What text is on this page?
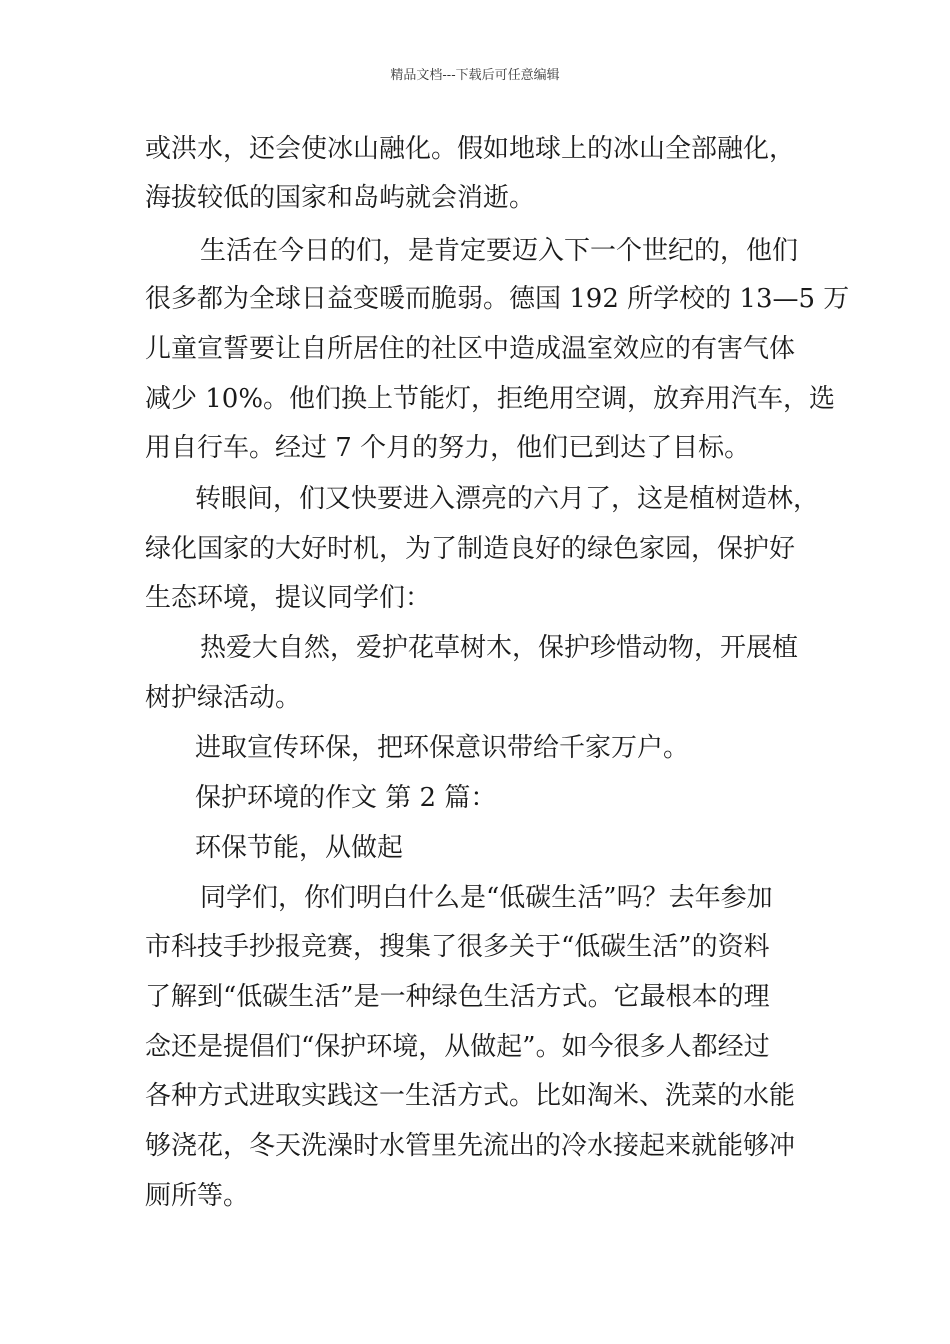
精品文档---下载后可任意编辑
或洪水，还会使冰山融化。假如地球上的冰山全部融化，
海拔较低的国家和岛屿就会消逝。
生活在今日的们，是肯定要迈入下一个世纪的，他们
很多都为全球日益变暖而脆弱。德国 192 所学校的 13—5 万
儿童宣誓要让自所居住的社区中造成温室效应的有害气体
减少 10%。他们换上节能灯，拒绝用空调，放弃用汽车，选
用自行车。经过 7 个月的努力，他们已到达了目标。
转眼间，们又快要进入漂亮的六月了，这是植树造林，
绿化国家的大好时机，为了制造良好的绿色家园，保护好
生态环境，提议同学们：
热爱大自然，爱护花草树木，保护珍惜动物，开展植
树护绿活动。
进取宣传环保，把环保意识带给千家万户。
保护环境的作文 第 2 篇：
环保节能，从做起
同学们，你们明白什么是“低碳生活”吗？去年参加
市科技手抄报竞赛，搜集了很多关于“低碳生活”的资料
了解到“低碳生活”是一种绿色生活方式。它最根本的理
念还是提倡们“保护环境，从做起”。如今很多人都经过
各种方式进取实践这一生活方式。比如淘米、洗菜的水能
够浇花，冬天洗澡时水管里先流出的冷水接起来就能够冲
厕所等。
